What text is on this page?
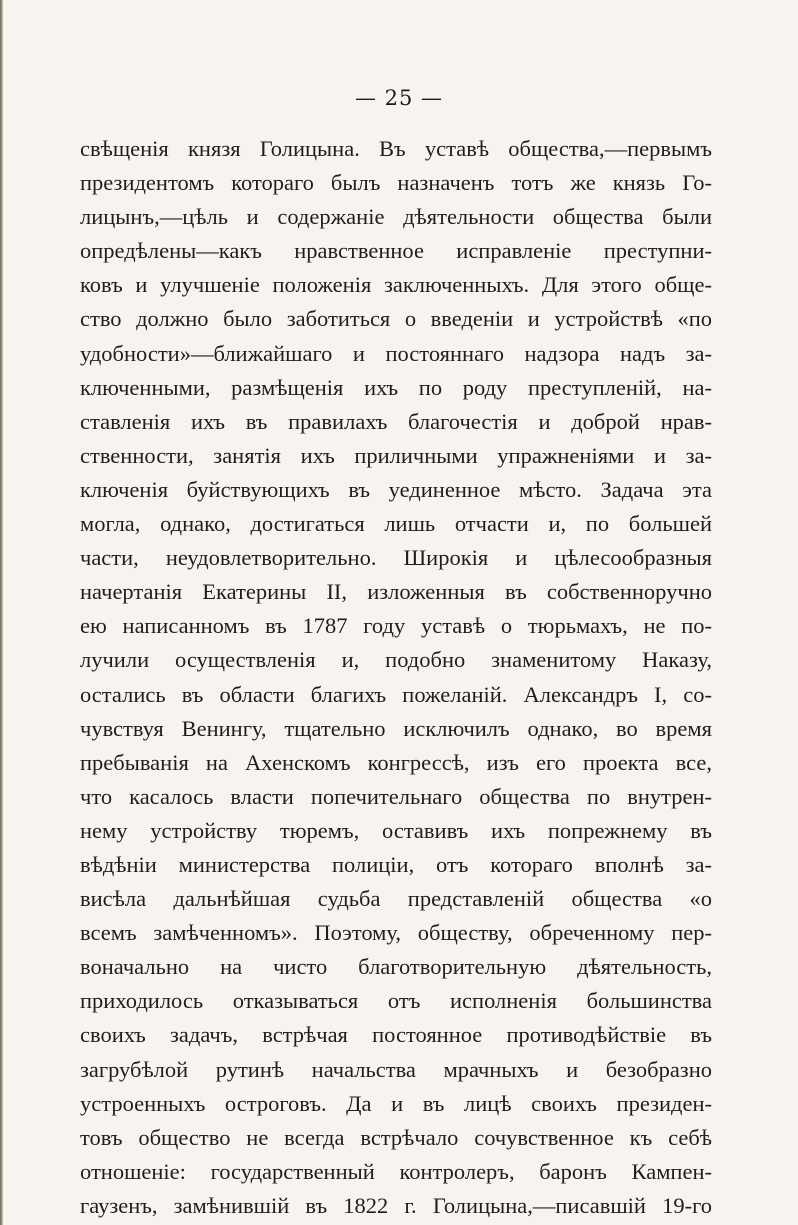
— 25 —
свѣщенія князя Голицына. Въ уставѣ общества,—первымъ
президентомъ котораго былъ назначенъ тотъ же князь Го-
лицынъ,—цѣль и содержаніе дѣятельности общества были
опредѣлены—какъ нравственное исправленіе преступни-
ковъ и улучшеніе положенія заключенныхъ. Для этого обще-
ство должно было заботиться о введеніи и устройствѣ «по
удобности»—ближайшаго и постояннаго надзора надъ за-
ключенными, размѣщенія ихъ по роду преступленій, на-
ставленія ихъ въ правилахъ благочестія и доброй нрав-
ственности, занятія ихъ приличными упражненіями и за-
ключенія буйствующихъ въ уединенное мѣсто. Задача эта
могла, однако, достигаться лишь отчасти и, по большей
части, неудовлетворительно. Широкія и цѣлесообразныя
начертанія Екатерины II, изложенныя въ собственноручно
ею написанномъ въ 1787 году уставѣ о тюрьмахъ, не по-
лучили осуществленія и, подобно знаменитому Наказу,
остались въ области благихъ пожеланій. Александръ I, со-
чувствуя Венингу, тщательно исключилъ однако, во время
пребыванія на Ахенскомъ конгрессѣ, изъ его проекта все,
что касалось власти попечительнаго общества по внутрен-
нему устройству тюремъ, оставивъ ихъ попрежнему въ
вѣдѣніи министерства полиціи, отъ котораго вполнѣ за-
висѣла дальнѣйшая судьба представленій общества «о
всемъ замѣченномъ». Поэтому, обществу, обреченному пер-
воначально на чисто благотворительную дѣятельность,
приходилось отказываться отъ исполненія большинства
своихъ задачъ, встрѣчая постоянное противодѣйствіе въ
загрубѣлой рутинѣ начальства мрачныхъ и безобразно
устроенныхъ остроговъ. Да и въ лицѣ своихъ президен-
товъ общество не всегда встрѣчало сочувственное къ себѣ
отношеніе: государственный контролеръ, баронъ Кампен-
гаузенъ, замѣнившій въ 1822 г. Голицына,—писавшій 19-го
